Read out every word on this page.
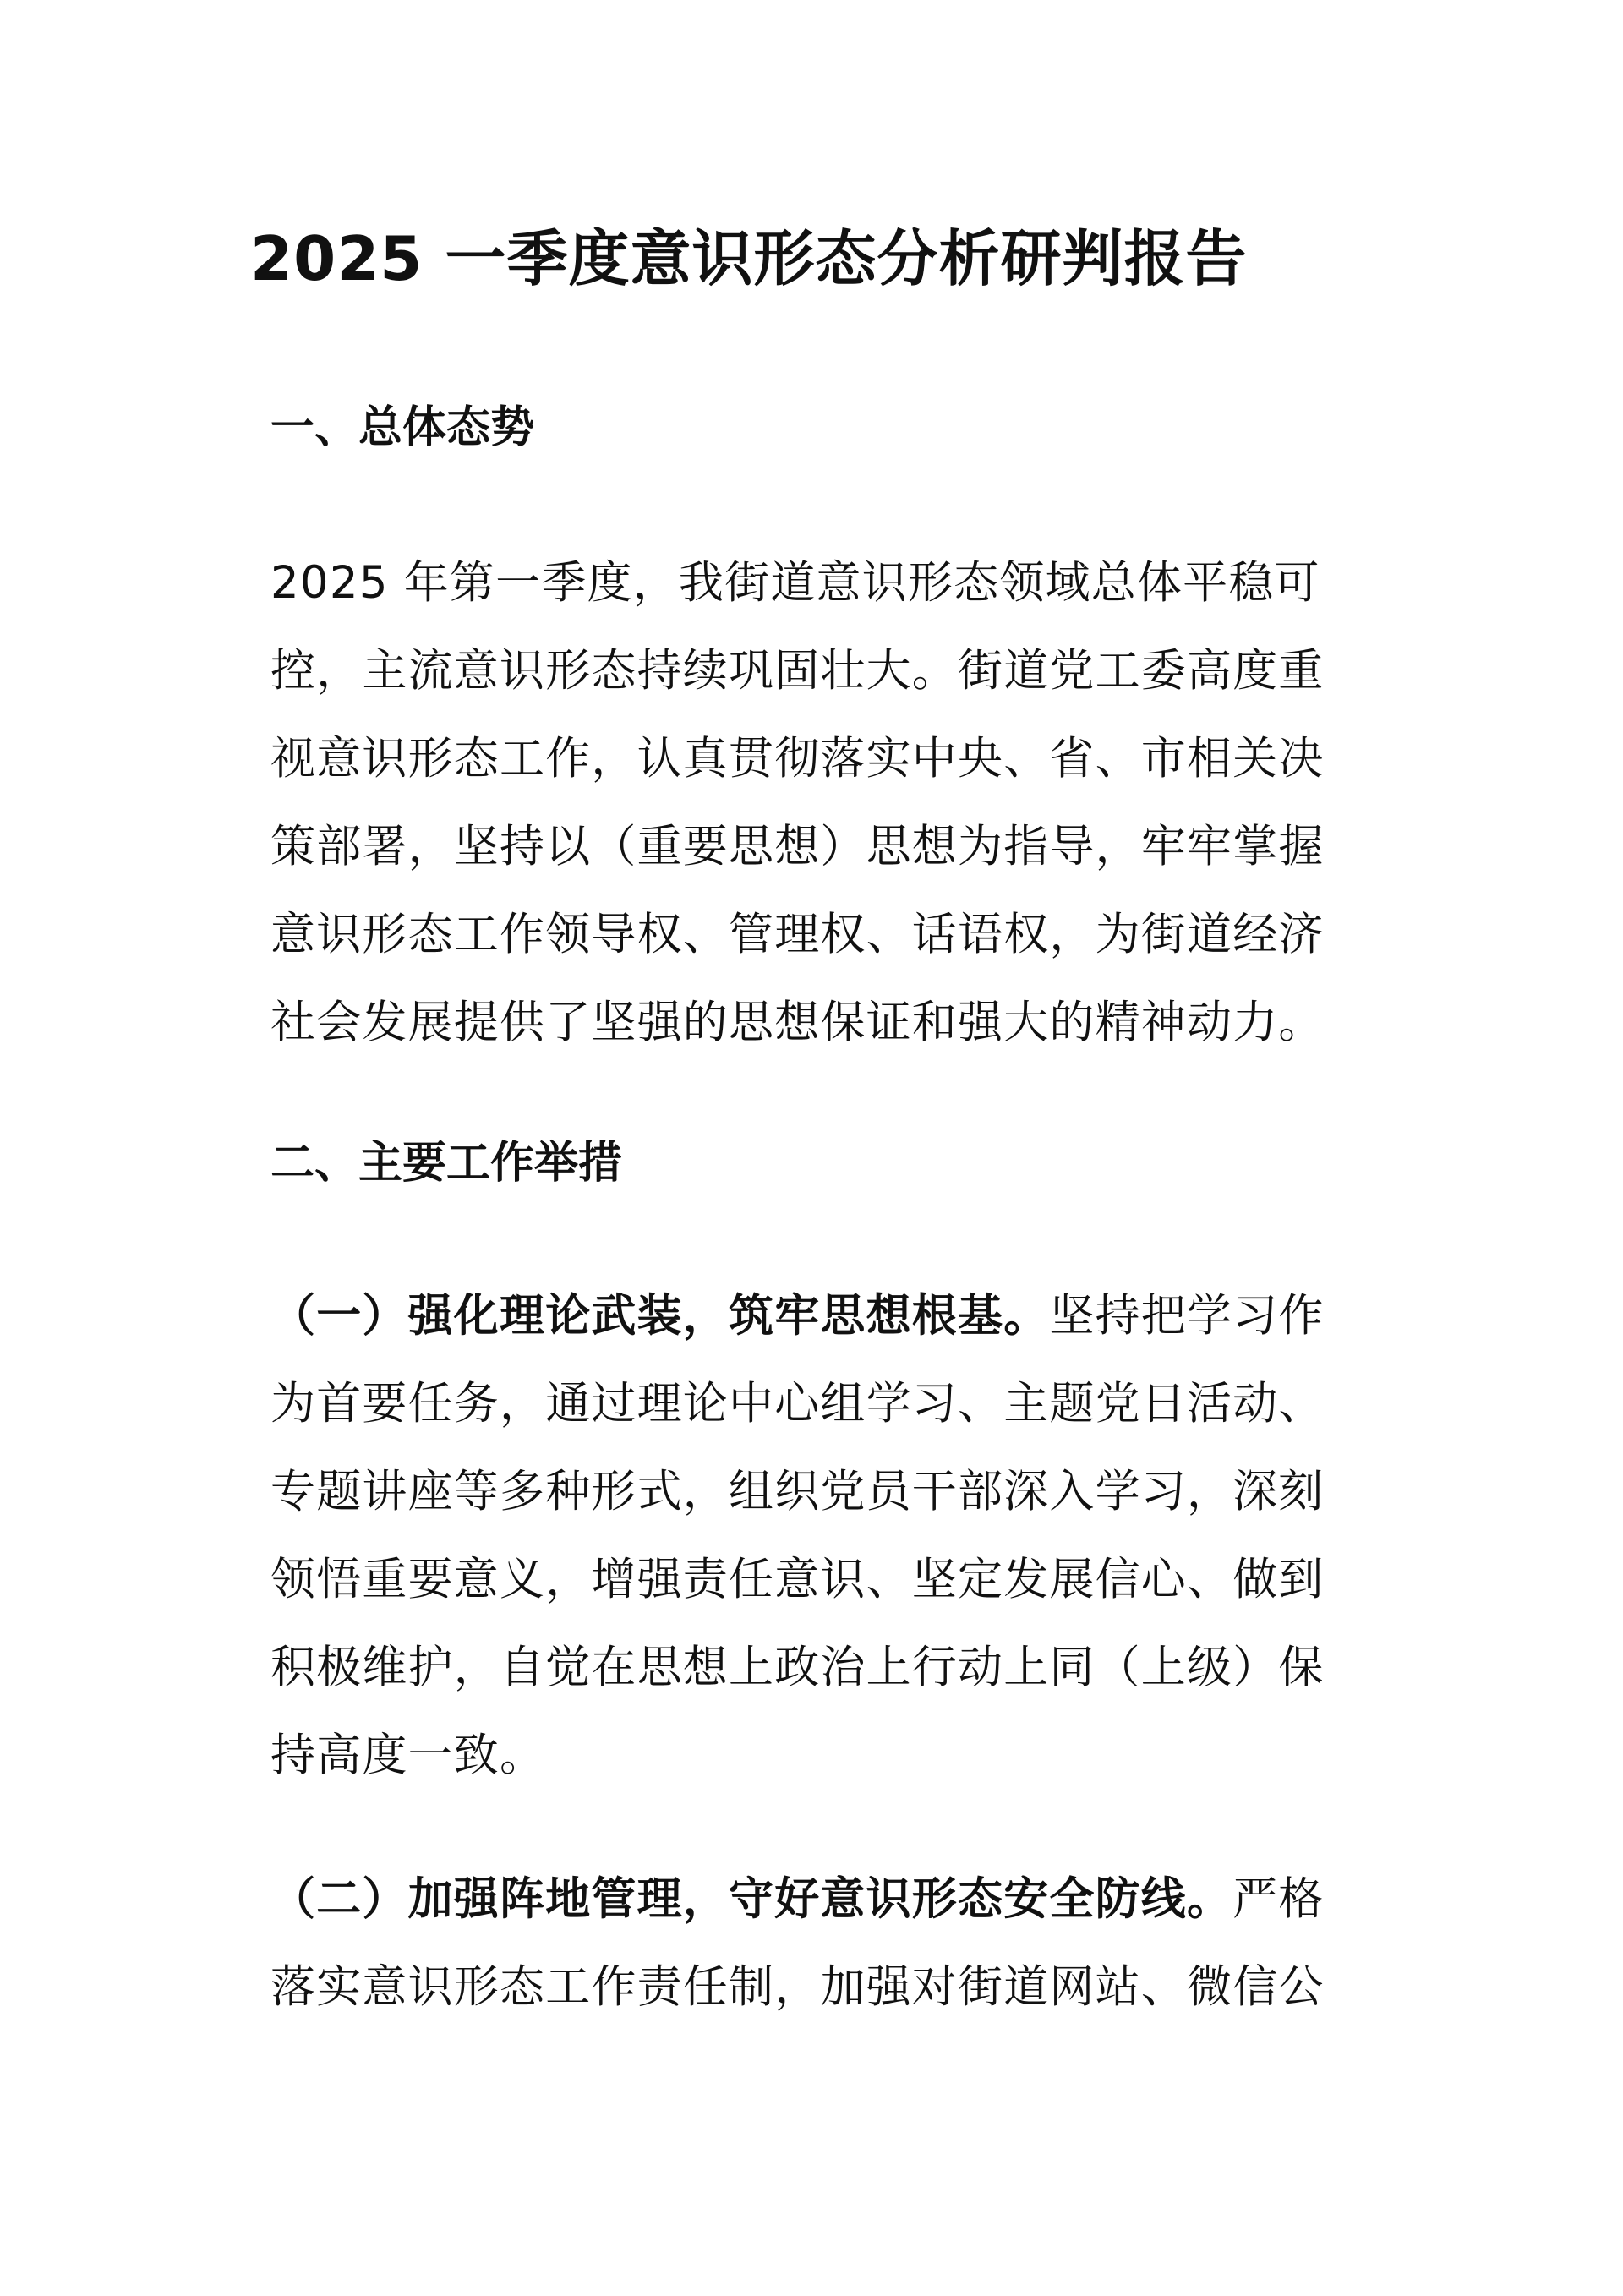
2025 一季度意识形态分析研判报告
一、总体态势

2025 年第一季度，我街道意识形态领域总体平稳可
控，主流意识形态持续巩固壮大。街道党工委高度重
视意识形态工作，认真贯彻落实中央、省、市相关决
策部署，坚持以（重要思想）思想为指导，牢牢掌握
意识形态工作领导权、管理权、话语权，为街道经济
社会发展提供了坚强的思想保证和强大的精神动力。

二、主要工作举措

（一）强化理论武装，筑牢思想根基。坚持把学习作
为首要任务，通过理论中心组学习、主题党日活动、
专题讲座等多种形式，组织党员干部深入学习，深刻
领悟重要意义，增强责任意识、坚定发展信心、做到
积极维护，自觉在思想上政治上行动上同（上级）保
持高度一致。

（二）加强阵地管理，守好意识形态安全防线。严格
落实意识形态工作责任制，加强对街道网站、微信公
